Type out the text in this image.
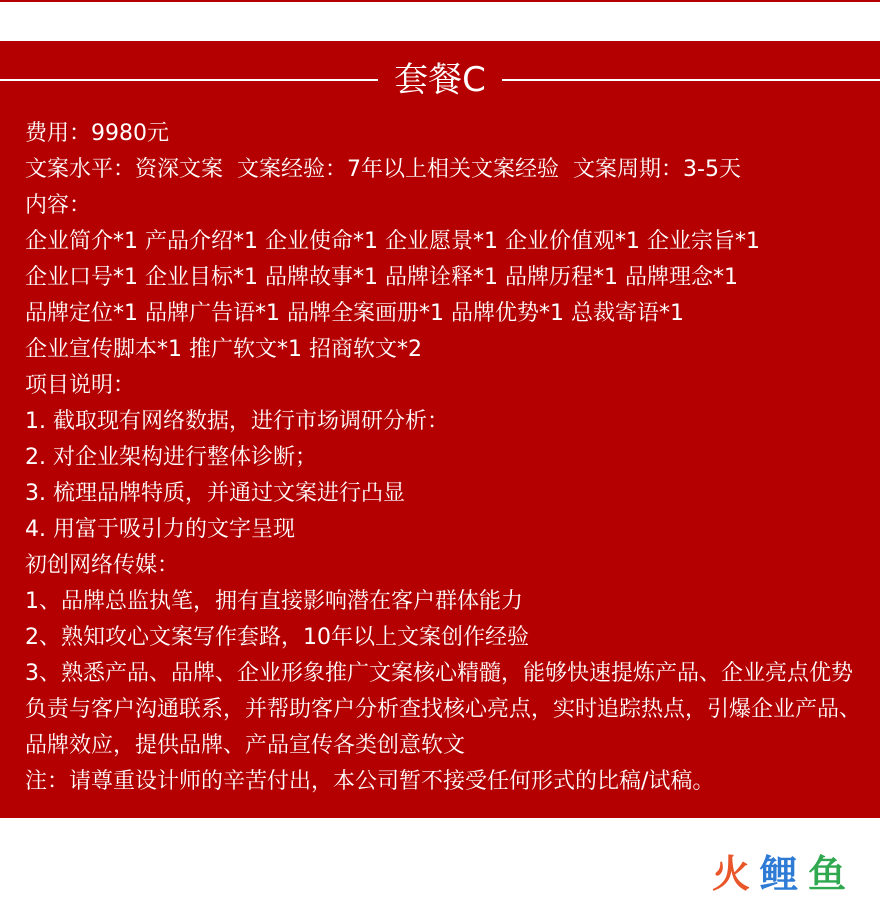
套餐C
费用：9980元
文案水平：资深文案 文案经验：7年以上相关文案经验 文案周期：3-5天
内容：
企业简介*1 产品介绍*1 企业使命*1 企业愿景*1 企业价值观*1 企业宗旨*1
企业口号*1 企业目标*1 品牌故事*1 品牌诠释*1 品牌历程*1 品牌理念*1
品牌定位*1 品牌广告语*1 品牌全案画册*1 品牌优势*1 总裁寄语*1
企业宣传脚本*1 推广软文*1 招商软文*2
项目说明：
1. 截取现有网络数据，进行市场调研分析：
2. 对企业架构进行整体诊断；
3. 梳理品牌特质，并通过文案进行凸显
4. 用富于吸引力的文字呈现
初创网络传媒：
1、品牌总监执笔，拥有直接影响潜在客户群体能力
2、熟知攻心文案写作套路，10年以上文案创作经验
3、熟悉产品、品牌、企业形象推广文案核心精髓，能够快速提炼产品、企业亮点优势负责与客户沟通联系，并帮助客户分析查找核心亮点，实时追踪热点，引爆企业产品、品牌效应，提供品牌、产品宣传各类创意软文
注：请尊重设计师的辛苦付出，本公司暂不接受任何形式的比稿/试稿。
火 鲤 鱼
